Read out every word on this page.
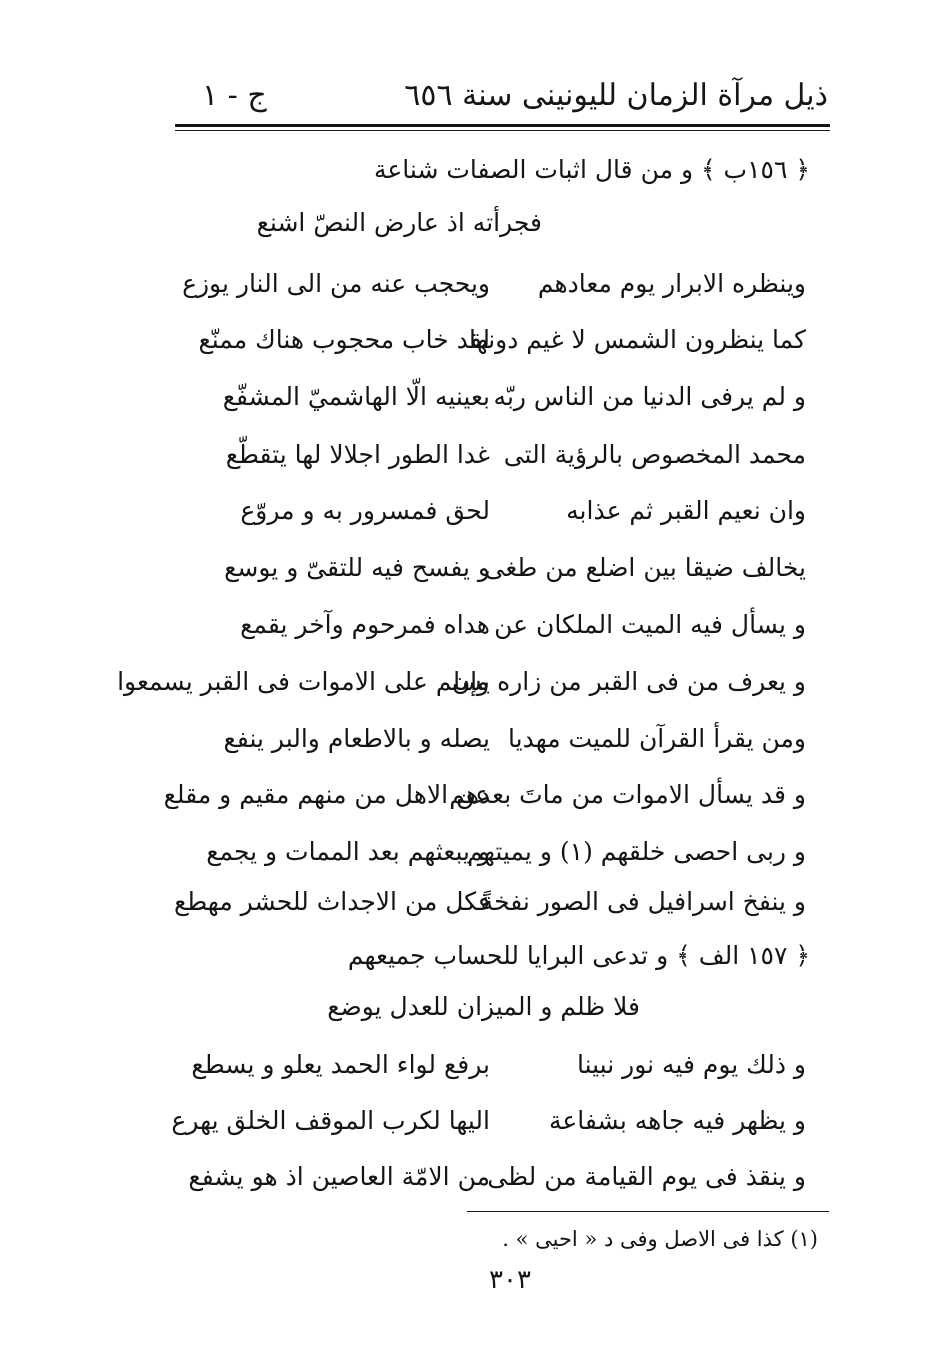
ذيل مرآة الزمان لليونينى سنة ٦٥٦
ج - ١
﴿ ١٥٦ب ﴾ و من قال اثبات الصفات شناعة
فجرأته اذ عارض النصّ اشنع
وينظره الابرار يوم معادهم
ويحجب عنه من الى النار يوزع
كما ينظرون الشمس لا غيم دونها
لقد خاب محجوب هناك ممنّع
و لم يرفى الدنيا من الناس ربّه
بعينيه الّا الهاشميّ المشفّع
محمد المخصوص بالرؤية التى
غدا الطور اجلالا لها يتقطّع
وان نعيم القبر ثم عذابه
لحق فمسرور به و مروّع
يخالف ضيقا بين اضلع من طغى
و يفسح فيه للتقىّ و يوسع
و يسأل فيه الميت الملكان عن
هداه فمرحوم وآخر يقمع
و يعرف من فى القبر من زاره وإن
يسلم على الاموات فى القبر يسمعوا
ومن يقرأ القرآن للميت مهديا
يصله و بالاطعام والبر ينفع
و قد يسأل الاموات من ماتَ بعدهم
عن الاهل من منهم مقيم و مقلع
و ربى احصى خلقهم (١) و يميتهم
و يبعثهم بعد الممات و يجمع
و ينفخ اسرافيل فى الصور نفخةً
فكل من الاجداث للحشر مهطع
﴿ ١٥٧ الف ﴾ و تدعى البرايا للحساب جميعهم
فلا ظلم و الميزان للعدل يوضع
و ذلك يوم فيه نور نبينا
برفع لواء الحمد يعلو و يسطع
و يظهر فيه جاهه بشفاعة
اليها لكرب الموقف الخلق يهرع
و ينقذ فى يوم القيامة من لظى
من الامّة العاصين اذ هو يشفع
(١) كذا فى الاصل وفى د « احيى » .
٣٠٣
